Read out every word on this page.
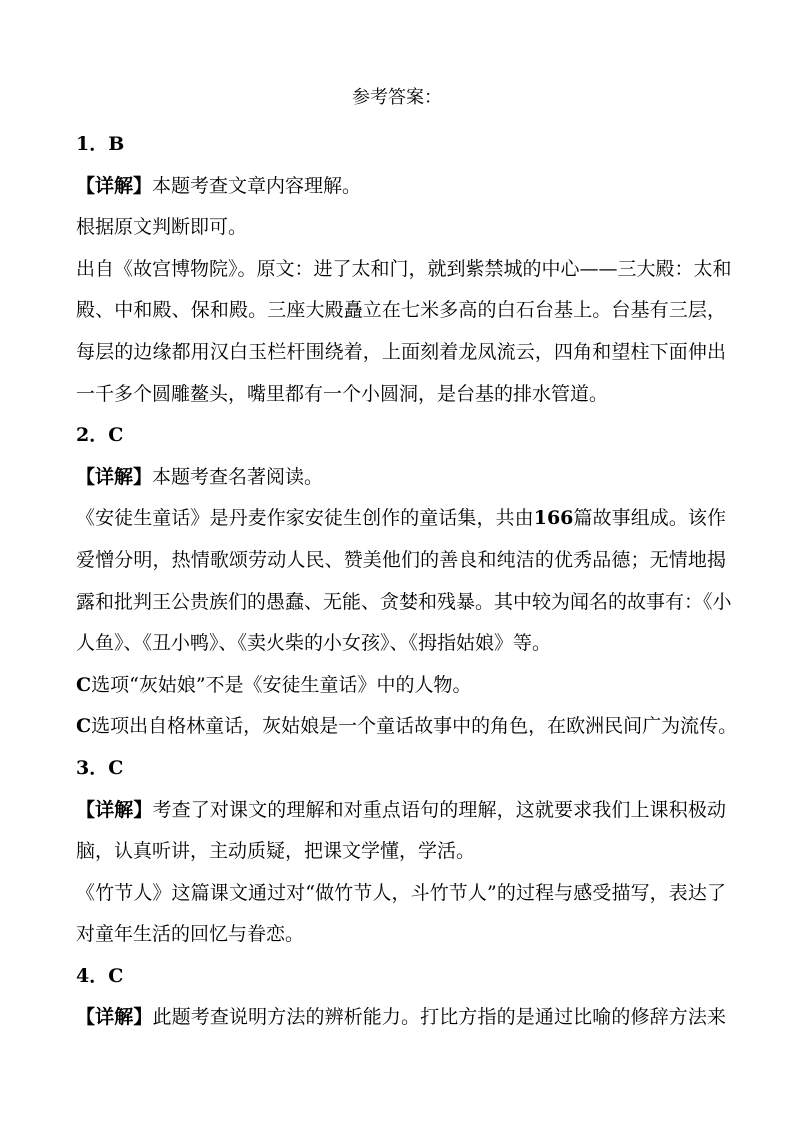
参考答案：
1．B
【详解】本题考查文章内容理解。
根据原文判断即可。
出自《故宫博物院》。原文：进了太和门，就到紫禁城的中心——三大殿：太和
殿、中和殿、保和殿。三座大殿矗立在七米多高的白石台基上。台基有三层，
每层的边缘都用汉白玉栏杆围绕着，上面刻着龙凤流云，四角和望柱下面伸出
一千多个圆雕鳌头，嘴里都有一个小圆洞，是台基的排水管道。
2．C
【详解】本题考查名著阅读。
《安徒生童话》是丹麦作家安徒生创作的童话集，共由166篇故事组成。该作
爱憎分明，热情歌颂劳动人民、赞美他们的善良和纯洁的优秀品德；无情地揭
露和批判王公贵族们的愚蠢、无能、贪婪和残暴。其中较为闻名的故事有：《小
人鱼》、《丑小鸭》、《卖火柴的小女孩》、《拇指姑娘》等。
C选项“灰姑娘”不是《安徒生童话》中的人物。
C选项出自格林童话，灰姑娘是一个童话故事中的角色，在欧洲民间广为流传。
3．C
【详解】考查了对课文的理解和对重点语句的理解，这就要求我们上课积极动
脑，认真听讲，主动质疑，把课文学懂，学活。
《竹节人》这篇课文通过对“做竹节人，斗竹节人”的过程与感受描写，表达了
对童年生活的回忆与眷恋。
4．C
【详解】此题考查说明方法的辨析能力。打比方指的是通过比喻的修辞方法来
